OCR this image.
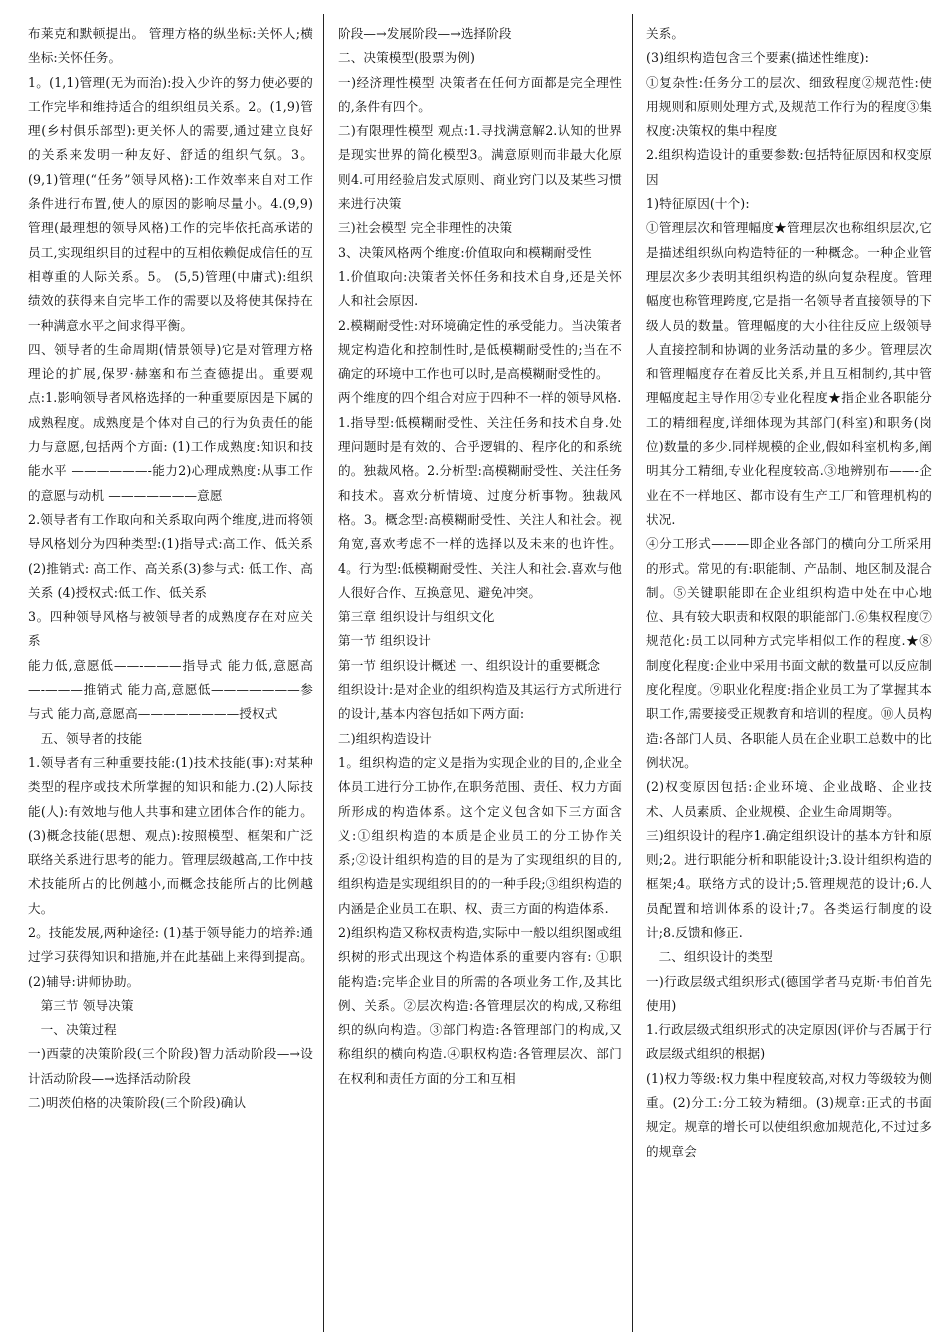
布莱克和默顿提出。 管理方格的纵坐标:关怀人;横坐标:关怀任务。

1。(1,1)管理(无为而治):投入少许的努力使必要的工作完毕和维持适合的组织组员关系。2。(1,9)管理(乡村俱乐部型):更关怀人的需要,通过建立良好的关系来发明一种友好、舒适的组织气氛。3。 (9,1)管理(“任务”领导风格):工作效率来自对工作条件进行布置,使人的原因的影响尽量小。4.(9,9)管理(最理想的领导风格)工作的完毕依托高承诺的员工,实现组织目的过程中的互相依赖促成信任的互相尊重的人际关系。5。 (5,5)管理(中庸式):组织绩效的获得来自完毕工作的需要以及将使其保持在一种满意水平之间求得平衡。

四、领导者的生命周期(情景领导)它是对管理方格理论的扩展,保罗·赫塞和布兰查德提出。重要观点:1.影响领导者风格选择的一种重要原因是下属的成熟程度。成熟度是个体对自己的行为负责任的能力与意愿,包括两个方面: (1)工作成熟度:知识和技能水平 ——————-能力2)心理成熟度:从事工作的意愿与动机 ———————意愿

2.领导者有工作取向和关系取向两个维度,进而将领导风格划分为四种类型:(1)指导式:高工作、低关系(2)推销式: 高工作、高关系(3)参与式: 低工作、高关系 (4)授权式:低工作、低关系

3。四种领导风格与被领导者的成熟度存在对应关系

能力低,意愿低——-———指导式 能力低,意愿高—-———推销式 能力高,意愿低———————参与式 能力高,意愿高————————授权式

五、领导者的技能

1.领导者有三种重要技能:(1)技术技能(事):对某种类型的程序或技术所掌握的知识和能力.(2)人际技能(人):有效地与他人共事和建立团体合作的能力。(3)概念技能(思想、观点):按照模型、框架和广泛联络关系进行思考的能力。管理层级越高,工作中技术技能所占的比例越小,而概念技能所占的比例越大。

2。技能发展,两种途径: (1)基于领导能力的培养:通过学习获得知识和措施,并在此基础上来得到提高。 (2)辅导:讲师协助。

第三节 领导决策

一、决策过程

一)西蒙的决策阶段(三个阶段)智力活动阶段—→设计活动阶段—→选择活动阶段

二)明茨伯格的决策阶段(三个阶段)确认

阶段—→发展阶段—→选择阶段

二、决策模型(股票为例)

一)经济理性模型 决策者在任何方面都是完全理性的,条件有四个。

二)有限理性模型 观点:1.寻找满意解2.认知的世界是现实世界的简化模型3。满意原则而非最大化原则4.可用经验启发式原则、商业窍门以及某些习惯来进行决策

三)社会模型 完全非理性的决策

3、决策风格两个维度:价值取向和模糊耐受性

1.价值取向:决策者关怀任务和技术自身,还是关怀人和社会原因.

2.模糊耐受性:对环境确定性的承受能力。当决策者规定构造化和控制性时,是低模糊耐受性的;当在不确定的环境中工作也可以时,是高模糊耐受性的。

两个维度的四个组合对应于四种不一样的领导风格.

1.指导型:低模糊耐受性、关注任务和技术自身.处理问题时是有效的、合乎逻辑的、程序化的和系统的。独裁风格。2.分析型:高模糊耐受性、关注任务和技术。喜欢分析情境、过度分析事物。独裁风格。3。概念型:高模糊耐受性、关注人和社会。视角宽,喜欢考虑不一样的选择以及未来的也许性。4。行为型:低模糊耐受性、关注人和社会.喜欢与他人很好合作、互换意见、避免冲突。

第三章 组织设计与组织文化

第一节 组织设计

第一节 组织设计概述 一、组织设计的重要概念

组织设计:是对企业的组织构造及其运行方式所进行的设计,基本内容包括如下两方面:

二)组织构造设计

1。组织构造的定义是指为实现企业的目的,企业全体员工进行分工协作,在职务范围、责任、权力方面所形成的构造体系。这个定义包含如下三方面含义:①组织构造的本质是企业员工的分工协作关系;②设计组织构造的目的是为了实现组织的目的,组织构造是实现组织目的的一种手段;③组织构造的内涵是企业员工在职、权、责三方面的构造体系.

2)组织构造又称权责构造,实际中一般以组织图或组织树的形式出现这个构造体系的重要内容有: ①职能构造:完毕企业目的所需的各项业务工作,及其比例、关系。②层次构造:各管理层次的构成,又称组织的纵向构造。③部门构造:各管理部门的构成,又称组织的横向构造.④职权构造:各管理层次、部门在权利和责任方面的分工和互相

关系。

(3)组织构造包含三个要素(描述性维度):

①复杂性:任务分工的层次、细致程度②规范性:使用规则和原则处理方式,及规范工作行为的程度③集权度:决策权的集中程度

2.组织构造设计的重要参数:包括特征原因和权变原因

1)特征原因(十个):

①管理层次和管理幅度★管理层次也称组织层次,它是描述组织纵向构造特征的一种概念。一种企业管理层次多少表明其组织构造的纵向复杂程度。管理幅度也称管理跨度,它是指一名领导者直接领导的下级人员的数量。管理幅度的大小往往反应上级领导人直接控制和协调的业务活动量的多少。管理层次和管理幅度存在着反比关系,并且互相制约,其中管理幅度起主导作用②专业化程度★指企业各职能分工的精细程度,详细体现为其部门(科室)和职务(岗位)数量的多少.同样规模的企业,假如科室机构多,阐明其分工精细,专业化程度较高.③地辨别布——-企业在不一样地区、都市设有生产工厂和管理机构的状况.

④分工形式———即企业各部门的横向分工所采用的形式。常见的有:职能制、产品制、地区制及混合制。⑤关键职能即在企业组织构造中处在中心地位、具有较大职责和权限的职能部门.⑥集权程度⑦规范化:员工以同种方式完毕相似工作的程度.★⑧制度化程度:企业中采用书面文献的数量可以反应制度化程度。⑨职业化程度:指企业员工为了掌握其本职工作,需要接受正规教育和培训的程度。⑩人员构造:各部门人员、各职能人员在企业职工总数中的比例状况。

(2)权变原因包括:企业环境、企业战略、企业技术、人员素质、企业规模、企业生命周期等。

三)组织设计的程序1.确定组织设计的基本方针和原则;2。进行职能分析和职能设计;3.设计组织构造的框架;4。联络方式的设计;5.管理规范的设计;6.人员配置和培训体系的设计;7。各类运行制度的设计;8.反馈和修正.

二、组织设计的类型

一)行政层级式组织形式(德国学者马克斯·韦伯首先使用)

1.行政层级式组织形式的决定原因(评价与否属于行政层级式组织的根据)

(1)权力等级:权力集中程度较高,对权力等级较为侧重。(2)分工:分工较为精细。(3)规章:正式的书面规定。规章的增长可以使组织愈加规范化,不过过多的规章会
